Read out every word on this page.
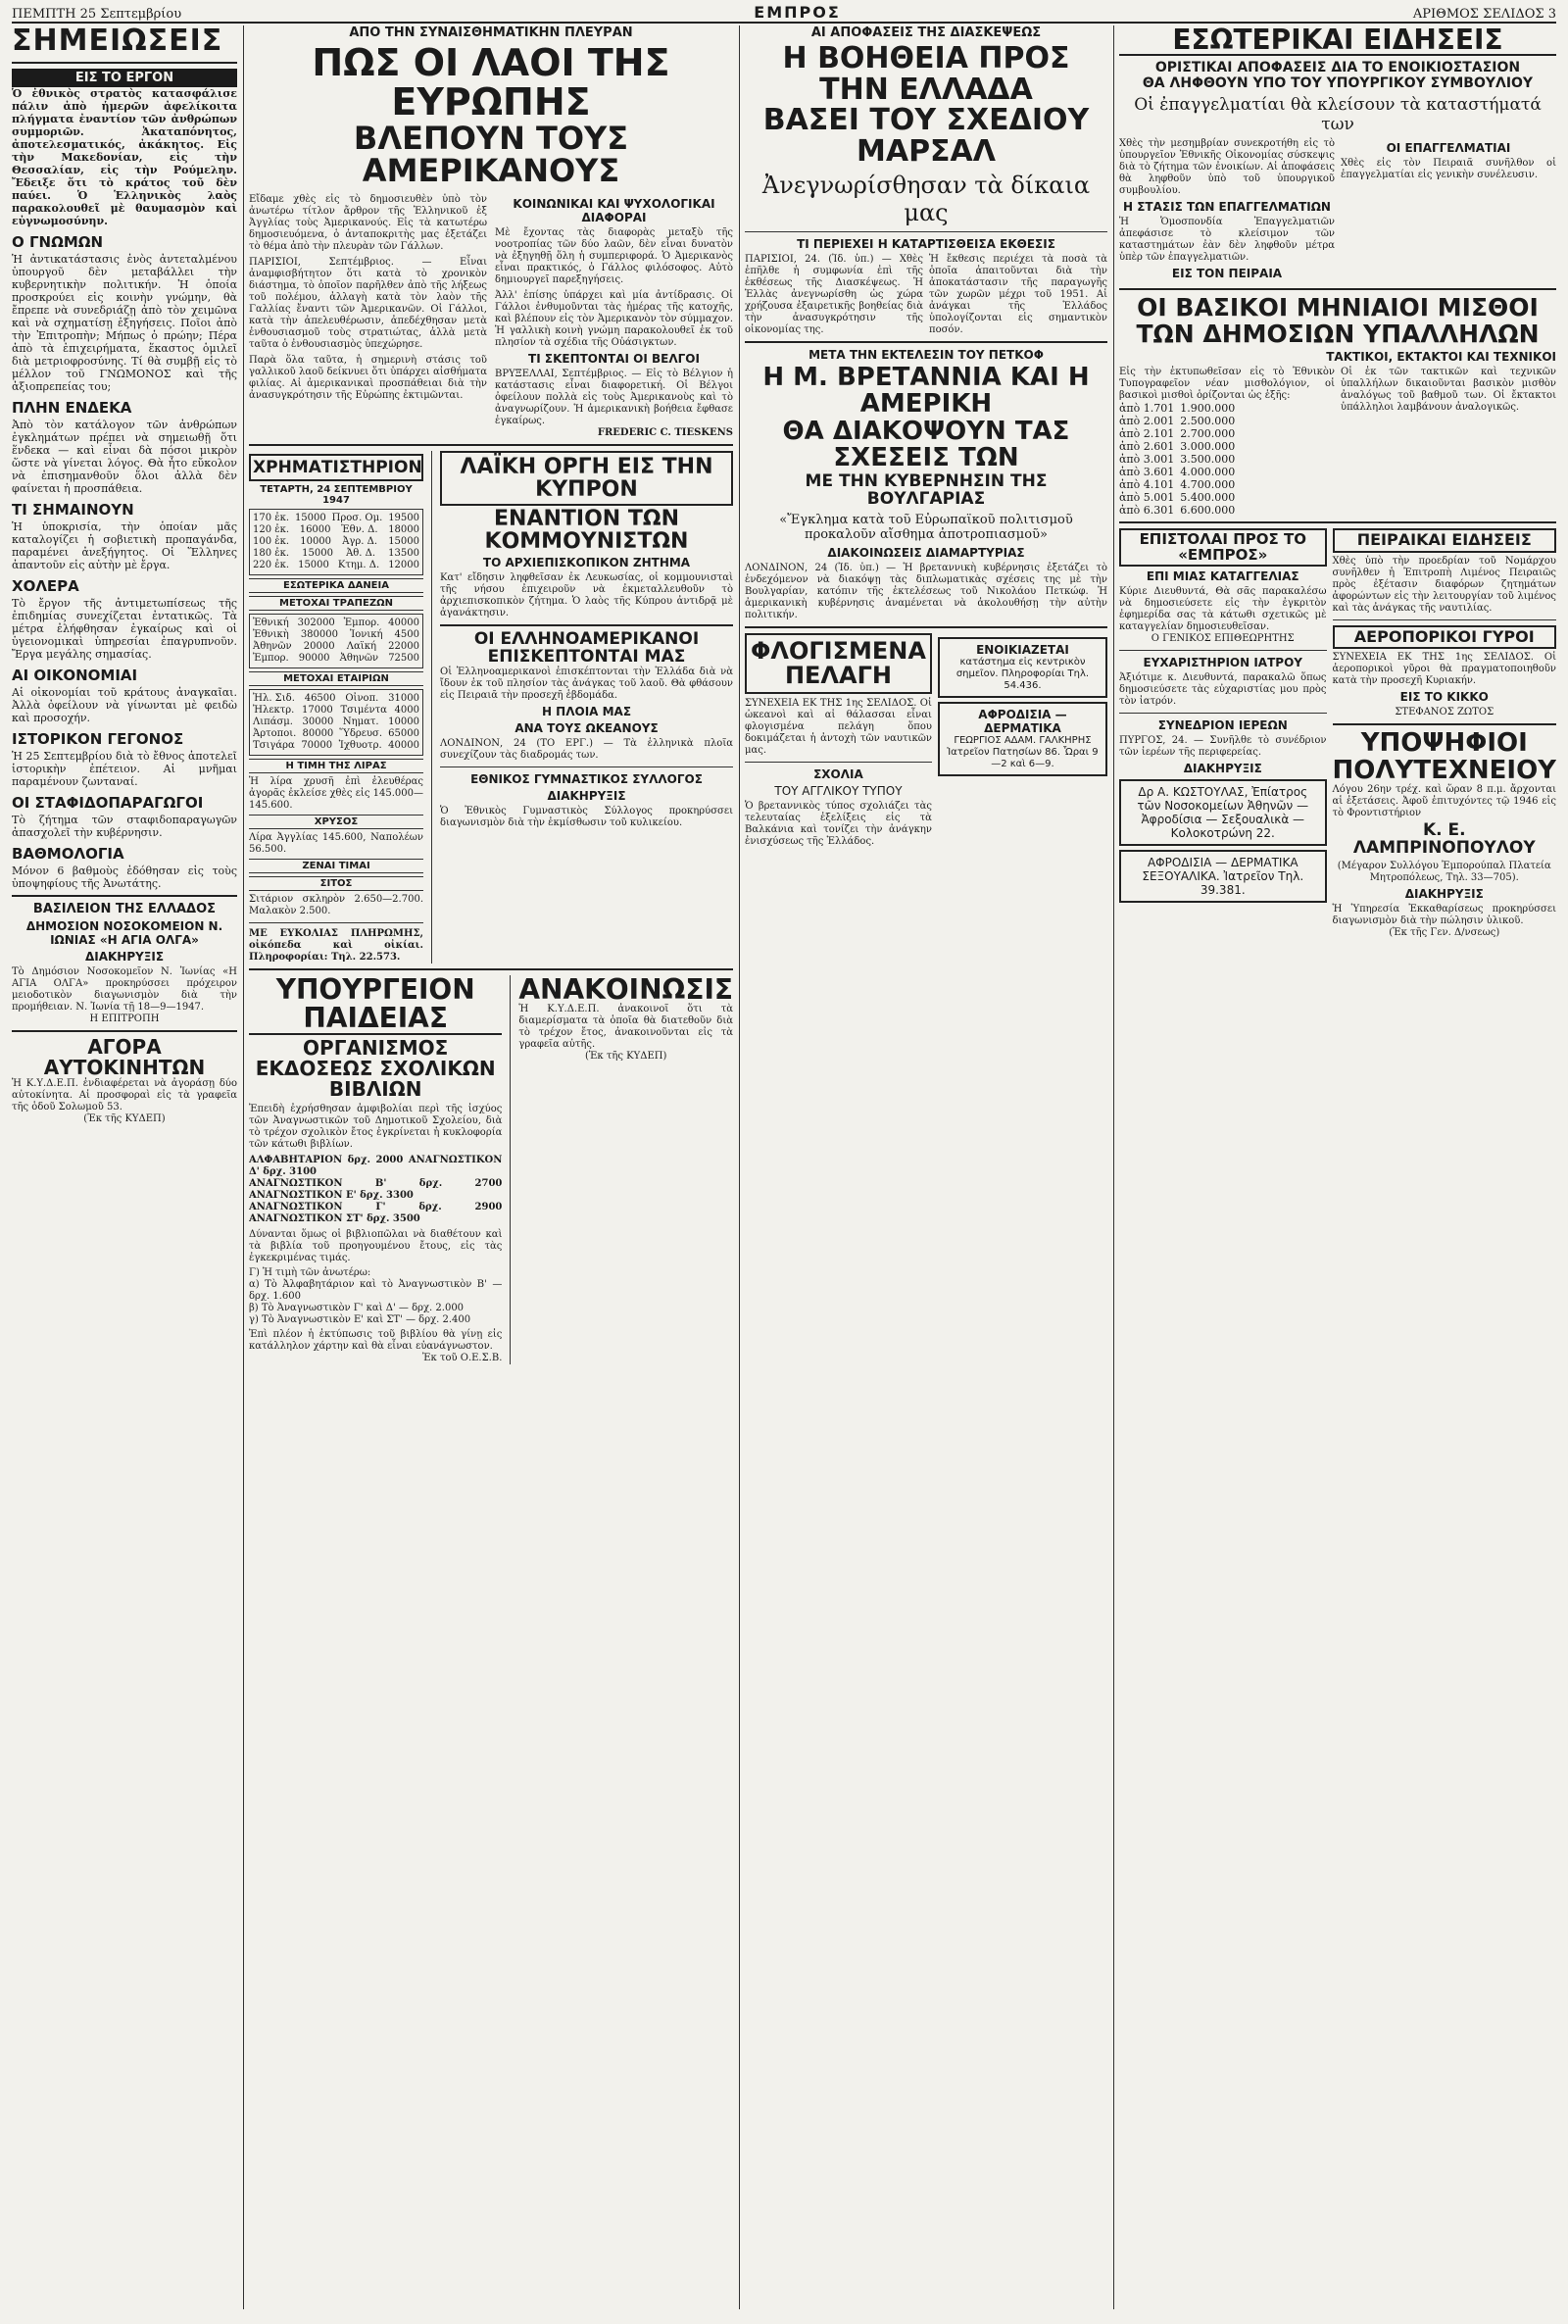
ΠΕΜΠΤΗ 25 Σεπτεμβρίου	ΕΜΠΡΟΣ	ΑΡΙΘΜΟΣ ΣΕΛΙΔΟΣ 3
ΣΗΜΕΙΩΣΕΙΣ
ΕΙΣ ΤΟ ΕΡΓΟΝ

Ὁ ἐθνικὸς στρατὸς κατασφάλισε πάλιν ἀπὸ ἡμερῶν ἀφελίκοιτα πλήγματα ἐναντίον τῶν ἀνθρώπων συμμοριῶν. Ἀκαταπόνητος, ἀποτελεσματικός, ἀκάκητος. Εἰς τὴν Μακεδονίαν, εἰς τὴν Θεσσαλίαν, εἰς τὴν Ρούμελην. Ἔδειξε ὅτι τὸ κράτος τοῦ δὲν παύει. Ὁ Ἑλληνικὸς λαὸς παρακολουθεῖ μὲ θαυμασμὸν καὶ εὐγνωμοσύνην.

Ο ΓΝΩΜΩΝ

Ἡ ἀντικατάστασις ἑνὸς ἀντεταλμένου ὑπουργοῦ δὲν μεταβάλλει τὴν κυβερνητικὴν πολιτικήν. Ἡ ὁποία προσκρούει εἰς κοινὴν γνώμην, θὰ ἔπρεπε νὰ συνεδριάζῃ ἀπὸ τὸν χειμῶνα καὶ νὰ σχηματίσῃ ἐξηγήσεις. Ποῖοι ἀπὸ τὴν Ἐπιτροπὴν; Μήπως ὁ πρώην; Πέρα ἀπὸ τὰ ἐπιχειρήματα, ἕκαστος ὁμιλεῖ διὰ μετριοφροσύνης. Τί θὰ συμβῇ εἰς τὸ μέλλον τοῦ ΓΝΩΜΟΝΟΣ καὶ τῆς ἀξιοπρεπείας του;

ΠΛΗΝ ΕΝΔΕΚΑ

Ἀπὸ τὸν κατάλογον τῶν ἀνθρώπων ἐγκλημάτων πρέπει νὰ σημειωθῇ ὅτι ἕνδεκα — καὶ εἶναι δὰ πόσοι μικρὸν ὥστε νὰ γίνεται λόγος. Θὰ ἦτο εὔκολον νὰ ἐπισημανθοῦν ὅλοι ἀλλὰ δὲν φαίνεται ἡ προσπάθεια.

ΤΙ ΣΗΜΑΙΝΟΥΝ

Ἡ ὑποκρισία, τὴν ὁποίαν μᾶς καταλογίζει ἡ σοβιετικὴ προπαγάνδα, παραμένει ἀνεξήγητος. Οἱ Ἕλληνες ἀπαντοῦν εἰς αὐτὴν μὲ ἔργα.

ΧΟΛΕΡΑ

Τὸ ἔργον τῆς ἀντιμετωπίσεως τῆς ἐπιδημίας συνεχίζεται ἐντατικῶς. Τὰ μέτρα ἐλήφθησαν ἐγκαίρως καὶ οἱ ὑγειονομικαὶ ὑπηρεσίαι ἐπαγρυπνοῦν. Ἔργα μεγάλης σημασίας.

ΑΙ ΟΙΚΟΝΟΜΙΑΙ

Αἱ οἰκονομίαι τοῦ κράτους ἀναγκαῖαι. Ἀλλὰ ὀφείλουν νὰ γίνωνται μὲ φειδὼ καὶ προσοχήν.

ΙΣΤΟΡΙΚΟΝ ΓΕΓΟΝΟΣ

Ἡ 25 Σεπτεμβρίου διὰ τὸ ἔθνος ἀποτελεῖ ἱστορικὴν ἐπέτειον. Αἱ μνῆμαι παραμένουν ζωνταναί.

ΟΙ ΣΤΑΦΙΔΟΠΑΡΑΓΩΓΟΙ

Τὸ ζήτημα τῶν σταφιδοπαραγωγῶν ἀπασχολεῖ τὴν κυβέρνησιν.

ΒΑΘΜΟΛΟΓΙΑ

Μόνον 6 βαθμοὺς ἐδόθησαν εἰς τοὺς ὑποψηφίους τῆς Ἀνωτάτης.

ΒΑΣΙΛΕΙΟΝ ΤΗΣ ΕΛΛΑΔΟΣ
ΔΗΜΟΣΙΟΝ ΝΟΣΟΚΟΜΕΙΟΝ Ν. ΙΩΝΙΑΣ «Η ΑΓΙΑ ΟΛΓΑ»
ΔΙΑΚΗΡΥΞΙΣ

Τὸ Δημόσιον Νοσοκομεῖον Ν. Ἰωνίας «Η ΑΓΙΑ ΟΛΓΑ» προκηρύσσει πρόχειρον μειοδοτικὸν διαγωνισμὸν διὰ τὴν προμήθειαν. Ν. Ἰωνία τῇ 18—9—1947.

Η ΕΠΙΤΡΟΠΗ
ΑΓΟΡΑ ΑΥΤΟΚΙΝΗΤΩΝ

Ἡ Κ.Υ.Δ.Ε.Π. ἐνδιαφέρεται νὰ ἀγοράσῃ δύο αὐτοκίνητα. Αἱ προσφοραὶ εἰς τὰ γραφεῖα τῆς ὁδοῦ Σολωμοῦ 53.

(Ἐκ τῆς ΚΥΔΕΠ)
ΑΠΟ ΤΗΝ ΣΥΝΑΙΣΘΗΜΑΤΙΚΗΝ ΠΛΕΥΡΑΝ
ΠΩΣ ΟΙ ΛΑΟΙ ΤΗΣ ΕΥΡΩΠΗΣ
ΒΛΕΠΟΥΝ ΤΟΥΣ ΑΜΕΡΙΚΑΝΟΥΣ

Εἴδαμε χθὲς εἰς τὸ δημοσιευθὲν ὑπὸ τὸν ἀνωτέρω τίτλον ἄρθρον τῆς Ἐλληνικοῦ ἐξ Ἀγγλίας τοὺς Ἀμερικανούς. Εἰς τὰ κατωτέρω δημοσιευόμενα, ὁ ἀνταποκριτὴς μας ἐξετάζει τὸ θέμα ἀπὸ τὴν πλευρὰν τῶν Γάλλων.

ΠΑΡΙΣΙΟΙ, Σεπτέμβριος. — Εἶναι ἀναμφισβήτητον ὅτι κατὰ τὸ χρονικὸν διάστημα, τὸ ὁποῖον παρῆλθεν ἀπὸ τῆς λήξεως τοῦ πολέμου, ἀλλαγὴ κατὰ τὸν λαὸν τῆς Γαλλίας ἔναντι τῶν Ἀμερικανῶν. Οἱ Γάλλοι, κατὰ τὴν ἀπελευθέρωσιν, ἀπεδέχθησαν μετὰ ἐνθουσιασμοῦ τοὺς στρατιώτας, ἀλλὰ μετὰ ταῦτα ὁ ἐνθουσιασμὸς ὑπεχώρησε.

Παρὰ ὅλα ταῦτα, ἡ σημερινὴ στάσις τοῦ γαλλικοῦ λαοῦ δείκνυει ὅτι ὑπάρχει αἰσθήματα φιλίας. Αἱ ἀμερικανικαὶ προσπάθειαι διὰ τὴν ἀνασυγκρότησιν τῆς Εὐρώπης ἐκτιμῶνται.

ΚΟΙΝΩΝΙΚΑΙ ΚΑΙ ΨΥΧΟΛΟΓΙΚΑΙ ΔΙΑΦΟΡΑΙ

Μὲ ἔχοντας τὰς διαφορὰς μεταξὺ τῆς νοοτροπίας τῶν δύο λαῶν, δὲν εἶναι δυνατὸν νὰ ἐξηγηθῇ ὅλη ἡ συμπεριφορά. Ὁ Ἀμερικανὸς εἶναι πρακτικός, ὁ Γάλλος φιλόσοφος. Αὐτὸ δημιουργεῖ παρεξηγήσεις.

Ἀλλ' ἐπίσης ὑπάρχει καὶ μία ἀντίδρασις. Οἱ Γάλλοι ἐνθυμοῦνται τὰς ἡμέρας τῆς κατοχῆς, καὶ βλέπουν εἰς τὸν Ἀμερικανὸν τὸν σύμμαχον. Ἡ γαλλικὴ κοινὴ γνώμη παρακολουθεῖ ἐκ τοῦ πλησίον τὰ σχέδια τῆς Οὐάσιγκτων.

ΤΙ ΣΚΕΠΤΟΝΤΑΙ ΟΙ ΒΕΛΓΟΙ

ΒΡΥΞΕΛΛΑΙ, Σεπτέμβριος. — Εἰς τὸ Βέλγιον ἡ κατάστασις εἶναι διαφορετική. Οἱ Βέλγοι ὀφείλουν πολλὰ εἰς τοὺς Ἀμερικανοὺς καὶ τὸ ἀναγνωρίζουν. Ἡ ἀμερικανικὴ βοήθεια ἔφθασε ἐγκαίρως.

FREDERIC C. TIESKENS
ΧΡΗΜΑΤΙΣΤΗΡΙΟΝ
ΤΕΤΑΡΤΗ, 24 ΣΕΠΤΕΜΒΡΙΟΥ 1947
170 ἐκ. 15000 Προσ. Ομ. 19500
120 ἐκ. 16000 Ἐθν. Δ. 18000
100 ἐκ. 10000 Ἀγρ. Δ. 15000
180 ἐκ. 15000 Ἀθ. Δ. 13500
220 ἐκ. 15000 Κτημ. Δ. 12000
ΕΣΩΤΕΡΙΚΑ ΔΑΝΕΙΑ
ΜΕΤΟΧΑΙ ΤΡΑΠΕΖΩΝ
Ἐθνική 302000 Ἐμπορ. 40000
Ἐθνικὴ 380000 Ἰονική 4500
Ἀθηνῶν 20000 Λαϊκή 22000
Ἐμπορ. 90000 Ἀθηνῶν 72500
ΜΕΤΟΧΑΙ ΕΤΑΙΡΙΩΝ
Ἠλ. Σιδ. 46500 Οἰνοπ. 31000
Ἠλεκτρ. 17000 Τσιμέντα 4000
Λιπάσμ. 30000 Νηματ. 10000
Ἀρτοποι. 80000 Ὕδρευσ. 65000
Τσιγάρα 70000 Ἰχθυοτρ. 40000
Η ΤΙΜΗ ΤΗΣ ΛΙΡΑΣ

Ἡ λίρα χρυσῆ ἐπὶ ἐλευθέρας ἀγορᾶς ἐκλείσε χθὲς εἰς 145.000—145.600.

ΧΡΥΣΟΣ

Λίρα Ἀγγλίας 145.600, Ναπολέων 56.500.

ΖΕΝΑΙ ΤΙΜΑΙ
ΣΙΤΟΣ

Σιτάριον σκληρὸν 2.650—2.700. Μαλακὸν 2.500.

ΜΕ ΕΥΚΟΛΙΑΣ ΠΛΗΡΩΜΗΣ, οἰκόπεδα καὶ οἰκίαι. Πληροφορίαι: Τηλ. 22.573.

ΛΑΪΚΗ ΟΡΓΗ ΕΙΣ ΤΗΝ ΚΥΠΡΟΝ
ΕΝΑΝΤΙΟΝ ΤΩΝ ΚΟΜΜΟΥΝΙΣΤΩΝ
ΤΟ ΑΡΧΙΕΠΙΣΚΟΠΙΚΟΝ ΖΗΤΗΜΑ

Κατ' εἴδησιν ληφθεῖσαν ἐκ Λευκωσίας, οἱ κομμουνισταὶ τῆς νήσου ἐπιχειροῦν νὰ ἐκμεταλλευθοῦν τὸ ἀρχιεπισκοπικὸν ζήτημα. Ὁ λαὸς τῆς Κύπρου ἀντιδρᾷ μὲ ἀγανάκτησιν.

ΟΙ ΕΛΛΗΝΟΑΜΕΡΙΚΑΝΟΙ ΕΠΙΣΚΕΠΤΟΝΤΑΙ ΜΑΣ

Οἱ Ἑλληνοαμερικανοὶ ἐπισκέπτονται τὴν Ἑλλάδα διὰ νὰ ἴδουν ἐκ τοῦ πλησίον τὰς ἀνάγκας τοῦ λαοῦ. Θὰ φθάσουν εἰς Πειραιᾶ τὴν προσεχῆ ἑβδομάδα.

Η ΠΛΟΙΑ ΜΑΣ
ΑΝΑ ΤΟΥΣ ΩΚΕΑΝΟΥΣ

ΛΟΝΔΙΝΟΝ, 24 (ΤΟ ΕΡΓ.) — Τὰ ἑλληνικὰ πλοῖα συνεχίζουν τὰς διαδρομάς των.

ΕΘΝΙΚΟΣ ΓΥΜΝΑΣΤΙΚΟΣ ΣΥΛΛΟΓΟΣ
ΔΙΑΚΗΡΥΞΙΣ

Ὁ Ἐθνικὸς Γυμναστικὸς Σύλλογος προκηρύσσει διαγωνισμὸν διὰ τὴν ἐκμίσθωσιν τοῦ κυλικείου.

ΥΠΟΥΡΓΕΙΟΝ ΠΑΙΔΕΙΑΣ
ΟΡΓΑΝΙΣΜΟΣ ΕΚΔΟΣΕΩΣ ΣΧΟΛΙΚΩΝ ΒΙΒΛΙΩΝ

Ἐπειδὴ ἐχρήσθησαν ἀμφιβολίαι περὶ τῆς ἰσχύος τῶν Ἀναγνωστικῶν τοῦ Δημοτικοῦ Σχολείου, διὰ τὸ τρέχον σχολικὸν ἔτος ἐγκρίνεται ἡ κυκλοφορία τῶν κάτωθι βιβλίων.

ΑΛΦΑΒΗΤΑΡΙΟΝ δρχ. 2000 ΑΝΑΓΝΩΣΤΙΚΟΝ Δ' δρχ. 3100
ΑΝΑΓΝΩΣΤΙΚΟΝ Β' δρχ. 2700 ΑΝΑΓΝΩΣΤΙΚΟΝ Ε' δρχ. 3300
ΑΝΑΓΝΩΣΤΙΚΟΝ Γ' δρχ. 2900 ΑΝΑΓΝΩΣΤΙΚΟΝ ΣΤ' δρχ. 3500

Δύνανται ὅμως οἱ βιβλιοπῶλαι νὰ διαθέτουν καὶ τὰ βιβλία τοῦ προηγουμένου ἔτους, εἰς τὰς ἐγκεκριμένας τιμάς.

Γ) Ἡ τιμὴ τῶν ἀνωτέρω:
α) Τὸ Ἀλφαβητάριον καὶ τὸ Ἀναγνωστικὸν Β' — δρχ. 1.600
β) Τὸ Ἀναγνωστικὸν Γ' καὶ Δ' — δρχ. 2.000
γ) Τὸ Ἀναγνωστικὸν Ε' καὶ ΣΤ' — δρχ. 2.400

Ἐπὶ πλέον ἡ ἐκτύπωσις τοῦ βιβλίου θὰ γίνῃ εἰς κατάλληλον χάρτην καὶ θὰ εἶναι εὐανάγνωστον.

Ἐκ τοῦ Ο.Ε.Σ.Β.
ΑΝΑΚΟΙΝΩΣΙΣ

Ἡ Κ.Υ.Δ.Ε.Π. ἀνακοινοῖ ὅτι τὰ διαμερίσματα τὰ ὁποῖα θὰ διατεθοῦν διὰ τὸ τρέχον ἔτος, ἀνακοινοῦνται εἰς τὰ γραφεῖα αὐτῆς.

(Ἐκ τῆς ΚΥΔΕΠ)
ΑΙ ΑΠΟΦΑΣΕΙΣ ΤΗΣ ΔΙΑΣΚΕΨΕΩΣ
Η ΒΟΗΘΕΙΑ ΠΡΟΣ ΤΗΝ ΕΛΛΑΔΑ
ΒΑΣΕΙ ΤΟΥ ΣΧΕΔΙΟΥ ΜΑΡΣΑΛ
Ἀνεγνωρίσθησαν τὰ δίκαια μας
ΤΙ ΠΕΡΙΕΧΕΙ Η ΚΑΤΑΡΤΙΣΘΕΙΣΑ ΕΚΘΕΣΙΣ

ΠΑΡΙΣΙΟΙ, 24. (Ἰδ. ὑπ.) — Χθὲς ἐπῆλθε ἡ συμφωνία ἐπὶ τῆς ἐκθέσεως τῆς Διασκέψεως. Ἡ Ἑλλὰς ἀνεγνωρίσθη ὡς χώρα χρήζουσα ἐξαιρετικῆς βοηθείας διὰ τὴν ἀνασυγκρότησιν τῆς οἰκονομίας της.

Ἡ ἔκθεσις περιέχει τὰ ποσὰ τὰ ὁποῖα ἀπαιτοῦνται διὰ τὴν ἀποκατάστασιν τῆς παραγωγῆς τῶν χωρῶν μέχρι τοῦ 1951. Αἱ ἀνάγκαι τῆς Ἑλλάδος ὑπολογίζονται εἰς σημαντικὸν ποσόν.

ΜΕΤΑ ΤΗΝ ΕΚΤΕΛΕΣΙΝ ΤΟΥ ΠΕΤΚΟΦ
Η Μ. ΒΡΕΤΑΝΝΙΑ ΚΑΙ Η ΑΜΕΡΙΚΗ
ΘΑ ΔΙΑΚΟΨΟΥΝ ΤΑΣ ΣΧΕΣΕΙΣ ΤΩΝ
ΜΕ ΤΗΝ ΚΥΒΕΡΝΗΣΙΝ ΤΗΣ ΒΟΥΛΓΑΡΙΑΣ
«Ἔγκλημα κατὰ τοῦ Εὐρωπαϊκοῦ πολιτισμοῦ προκαλοῦν αἴσθημα ἀποτροπιασμοῦ»
ΔΙΑΚΟΙΝΩΣΕΙΣ ΔΙΑΜΑΡΤΥΡΙΑΣ

ΛΟΝΔΙΝΟΝ, 24 (Ἰδ. ὑπ.) — Ἡ βρεταννικὴ κυβέρνησις ἐξετάζει τὸ ἐνδεχόμενον νὰ διακόψῃ τὰς διπλωματικὰς σχέσεις της μὲ τὴν Βουλγαρίαν, κατόπιν τῆς ἐκτελέσεως τοῦ Νικολάου Πετκώφ. Ἡ ἀμερικανικὴ κυβέρνησις ἀναμένεται νὰ ἀκολουθήσῃ τὴν αὐτὴν πολιτικήν.

ΦΛΟΓΙΣΜΕΝΑ ΠΕΛΑΓΗ

ΣΥΝΕΧΕΙΑ ΕΚ ΤΗΣ 1ης ΣΕΛΙΔΟΣ. Οἱ ὠκεανοὶ καὶ αἱ θάλασσαι εἶναι φλογισμένα πελάγη ὅπου δοκιμάζεται ἡ ἀντοχὴ τῶν ναυτικῶν μας.

ΣΧΟΛΙΑ
ΤΟΥ ΑΓΓΛΙΚΟΥ ΤΥΠΟΥ

Ὁ βρεταννικὸς τύπος σχολιάζει τὰς τελευταίας ἐξελίξεις εἰς τὰ Βαλκάνια καὶ τονίζει τὴν ἀνάγκην ἐνισχύσεως τῆς Ἑλλάδος.

ΕΝΟΙΚΙΑΖΕΤΑΙ
κατάστημα εἰς κεντρικὸν σημεῖον. Πληροφορίαι Τηλ. 54.436.
ΑΦΡΟΔΙΣΙΑ — ΔΕΡΜΑΤΙΚΑ
ΓΕΩΡΓΙΟΣ ΑΔΑΜ. ΓΑΛΚΗΡΗΣ
Ἰατρεῖον Πατησίων 86. Ὧραι 9—2 καὶ 6—9.
ΕΣΩΤΕΡΙΚΑΙ ΕΙΔΗΣΕΙΣ
ΟΡΙΣΤΙΚΑΙ ΑΠΟΦΑΣΕΙΣ ΔΙΑ ΤΟ ΕΝΟΙΚΙΟΣΤΑΣΙΟΝ
ΘΑ ΛΗΦΘΟΥΝ ΥΠΟ ΤΟΥ ΥΠΟΥΡΓΙΚΟΥ ΣΥΜΒΟΥΛΙΟΥ
Οἱ ἐπαγγελματίαι θὰ κλείσουν τὰ καταστήματά των

Χθὲς τὴν μεσημβρίαν συνεκροτήθη εἰς τὸ ὑπουργεῖον Ἐθνικῆς Οἰκονομίας σύσκεψις διὰ τὸ ζήτημα τῶν ἐνοικίων. Αἱ ἀποφάσεις θὰ ληφθοῦν ὑπὸ τοῦ ὑπουργικοῦ συμβουλίου.

Η ΣΤΑΣΙΣ ΤΩΝ ΕΠΑΓΓΕΛΜΑΤΙΩΝ

Ἡ Ὁμοσπονδία Ἐπαγγελματιῶν ἀπεφάσισε τὸ κλείσιμον τῶν καταστημάτων ἐὰν δὲν ληφθοῦν μέτρα ὑπὲρ τῶν ἐπαγγελματιῶν.

ΕΙΣ ΤΟΝ ΠΕΙΡΑΙΑ
ΟΙ ΕΠΑΓΓΕΛΜΑΤΙΑΙ

Χθὲς εἰς τὸν Πειραιᾶ συνῆλθον οἱ ἐπαγγελματίαι εἰς γενικὴν συνέλευσιν.

ΟΙ ΒΑΣΙΚΟΙ ΜΗΝΙΑΙΟΙ ΜΙΣΘΟΙ
ΤΩΝ ΔΗΜΟΣΙΩΝ ΥΠΑΛΛΗΛΩΝ
ΤΑΚΤΙΚΟΙ, ΕΚΤΑΚΤΟΙ ΚΑΙ ΤΕΧΝΙΚΟΙ

Εἰς τὴν ἐκτυπωθεῖσαν εἰς τὸ Ἐθνικὸν Τυπογραφεῖον νέαν μισθολόγιον, οἱ βασικοὶ μισθοὶ ὁρίζονται ὡς ἑξῆς:

ἀπὸ 1.701	1.900.000
ἀπὸ 2.001	2.500.000
ἀπὸ 2.101	2.700.000
ἀπὸ 2.601	3.000.000
ἀπὸ 3.001	3.500.000
ἀπὸ 3.601	4.000.000
ἀπὸ 4.101	4.700.000
ἀπὸ 5.001	5.400.000
ἀπὸ 6.301	6.600.000

Οἱ ἐκ τῶν τακτικῶν καὶ τεχνικῶν ὑπαλλήλων δικαιοῦνται βασικὸν μισθὸν ἀναλόγως τοῦ βαθμοῦ των. Οἱ ἔκτακτοι ὑπάλληλοι λαμβάνουν ἀναλογικῶς.

ΕΠΙΣΤΟΛΑΙ ΠΡΟΣ ΤΟ «ΕΜΠΡΟΣ»
ΕΠΙ ΜΙΑΣ ΚΑΤΑΓΓΕΛΙΑΣ

Κύριε Διευθυντά, Θὰ σᾶς παρακαλέσω νὰ δημοσιεύσετε εἰς τὴν ἐγκριτὸν ἐφημερίδα σας τὰ κάτωθι σχετικῶς μὲ καταγγελίαν δημοσιευθεῖσαν.

Ο ΓΕΝΙΚΟΣ ΕΠΙΘΕΩΡΗΤΗΣ
ΕΥΧΑΡΙΣΤΗΡΙΟΝ ΙΑΤΡΟΥ

Ἀξιότιμε κ. Διευθυντά, παρακαλῶ ὅπως δημοσιεύσετε τὰς εὐχαριστίας μου πρὸς τὸν ἰατρόν.

ΣΥΝΕΔΡΙΟΝ ΙΕΡΕΩΝ

ΠΥΡΓΟΣ, 24. — Συνῆλθε τὸ συνέδριον τῶν ἱερέων τῆς περιφερείας.

ΔΙΑΚΗΡΥΞΙΣ
Δρ Α. ΚΩΣΤΟΥΛΑΣ, Ἐπίατρος τῶν Νοσοκομείων Ἀθηνῶν — Ἀφροδίσια — Σεξουαλικὰ — Κολοκοτρώνη 22.
ΑΦΡΟΔΙΣΙΑ — ΔΕΡΜΑΤΙΚΑ ΣΕΞΟΥΑΛΙΚΑ. Ἰατρεῖον Τηλ. 39.381.
ΠΕΙΡΑΙΚΑΙ ΕΙΔΗΣΕΙΣ

Χθὲς ὑπὸ τὴν προεδρίαν τοῦ Νομάρχου συνῆλθεν ἡ Ἐπιτροπὴ Λιμένος Πειραιῶς πρὸς ἐξέτασιν διαφόρων ζητημάτων ἀφορώντων εἰς τὴν λειτουργίαν τοῦ λιμένος καὶ τὰς ἀνάγκας τῆς ναυτιλίας.

ΑΕΡΟΠΟΡΙΚΟΙ ΓΥΡΟΙ

ΣΥΝΕΧΕΙΑ ΕΚ ΤΗΣ 1ης ΣΕΛΙΔΟΣ. Οἱ ἀεροπορικοὶ γῦροι θὰ πραγματοποιηθοῦν κατὰ τὴν προσεχῆ Κυριακήν.

ΕΙΣ ΤΟ ΚΙΚΚΟ
ΣΤΕΦΑΝΟΣ ΖΩΤΟΣ
ΥΠΟΨΗΦΙΟΙ
ΠΟΛΥΤΕΧΝΕΙΟΥ

Λόγου 26ην τρέχ. καὶ ὥραν 8 π.μ. ἄρχονται αἱ ἐξετάσεις. Ἀφοῦ ἐπιτυχόντες τῷ 1946 εἰς τὸ Φροντιστήριον

Κ. Ε. ΛΑΜΠΡΙΝΟΠΟΥΛΟΥ
(Μέγαρον Συλλόγου Ἐμπορούπαλ Πλατεία Μητροπόλεως, Τηλ. 33—705).
ΔΙΑΚΗΡΥΞΙΣ

Ἡ Ὑπηρεσία Ἐκκαθαρίσεως προκηρύσσει διαγωνισμὸν διὰ τὴν πώλησιν ὑλικοῦ.

(Ἐκ τῆς Γεν. Δ/νσεως)
